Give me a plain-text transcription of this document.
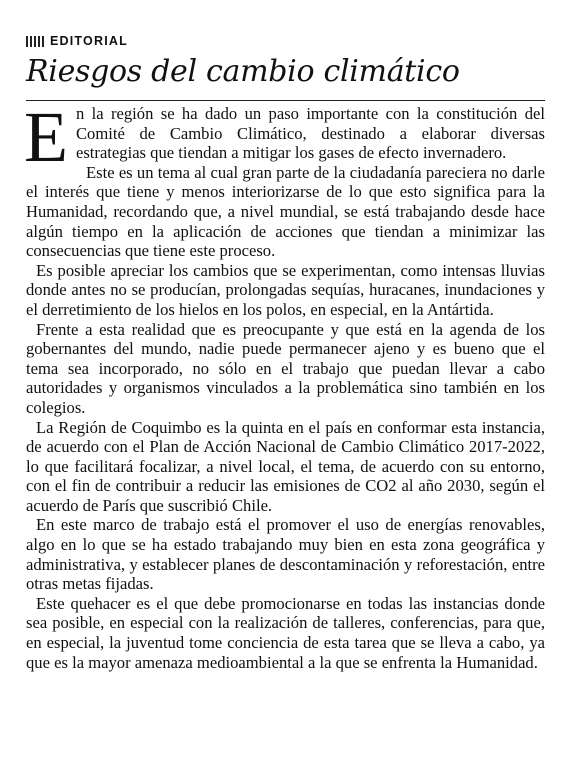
EDITORIAL
Riesgos del cambio climático

En la región se ha dado un paso importante con la constitución del Comité de Cambio Climático, destinado a elaborar diversas estrategias que tiendan a mitigar los gases de efecto invernadero.

Este es un tema al cual gran parte de la ciudadanía pareciera no darle el interés que tiene y menos interiorizarse de lo que esto significa para la Humanidad, recordando que, a nivel mundial, se está trabajando desde hace algún tiempo en la aplicación de acciones que tiendan a minimizar las consecuencias que tiene este proceso.

Es posible apreciar los cambios que se experimentan, como intensas lluvias donde antes no se producían, prolongadas sequías, huracanes, inundaciones y el derretimiento de los hielos en los polos, en especial, en la Antártida.

Frente a esta realidad que es preocupante y que está en la agenda de los gobernantes del mundo, nadie puede permanecer ajeno y es bueno que el tema sea incorporado, no sólo en el trabajo que puedan llevar a cabo autoridades y organismos vinculados a la problemática sino también en los colegios.

La Región de Coquimbo es la quinta en el país en conformar esta instancia, de acuerdo con el Plan de Acción Nacional de Cambio Climático 2017-2022, lo que facilitará focalizar, a nivel local, el tema, de acuerdo con su entorno, con el fin de contribuir a reducir las emisiones de CO2 al año 2030, según el acuerdo de París que suscribió Chile.

En este marco de trabajo está el promover el uso de energías renovables, algo en lo que se ha estado trabajando muy bien en esta zona geográfica y administrativa, y establecer planes de descontaminación y reforestación, entre otras metas fijadas.

Este quehacer es el que debe promocionarse en todas las instancias donde sea posible, en especial con la realización de talleres, conferencias, para que, en especial, la juventud tome conciencia de esta tarea que se lleva a cabo, ya que es la mayor amenaza medioambiental a la que se enfrenta la Humanidad.
